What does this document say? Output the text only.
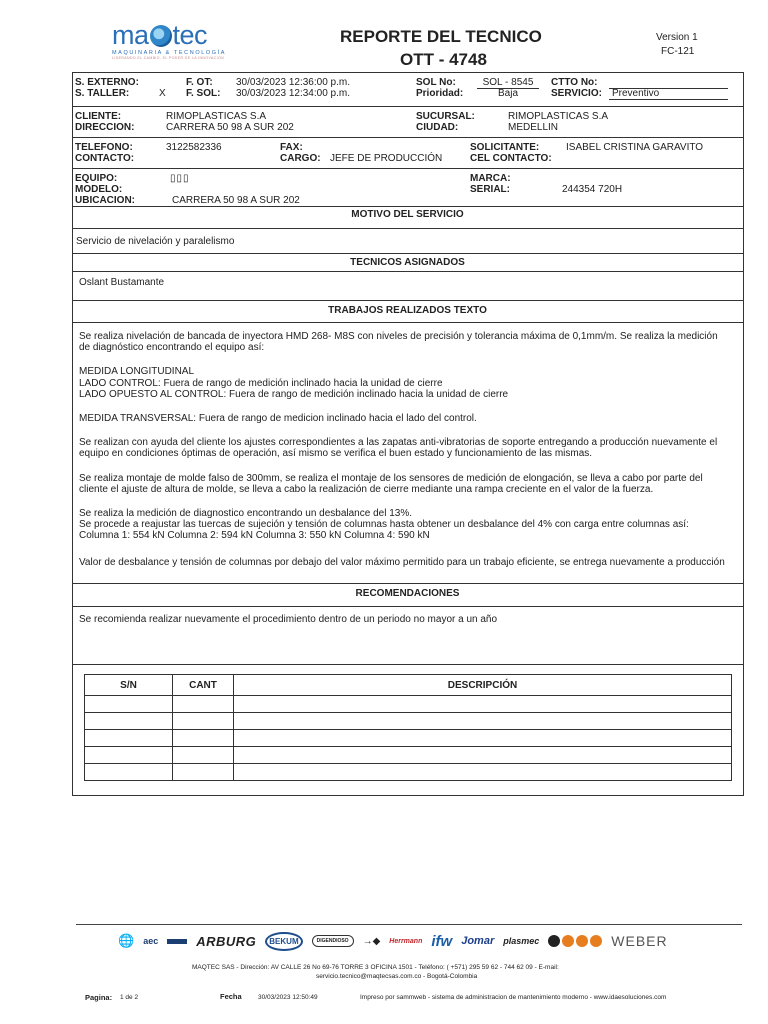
ma tec
MAQUINARIA & TECNOLOGÍA
LIDERANDO EL CAMBIO, EL PODER DE LA INNOVACIÓN
REPORTE DEL TECNICO
OTT - 4748
Version 1
FC-121
S. EXTERNO:
S. TALLER:	X
F. OT: 30/03/2023 12:36:00 p.m.
F. SOL: 30/03/2023 12:34:00 p.m.
SOL No:	SOL - 8545
Prioridad:	Baja
CTTO No:
SERVICIO: Preventivo
CLIENTE:	RIMOPLASTICAS S.A
DIRECCION:	CARRERA 50 98 A SUR 202
SUCURSAL:	RIMOPLASTICAS S.A
CIUDAD:	MEDELLIN
TELEFONO:	3122582336
CONTACTO:
FAX:
CARGO: JEFE DE PRODUCCIÓN
SOLICITANTE:	ISABEL CRISTINA GARAVITO
CEL CONTACTO:
EQUIPO:	▯▯▯
MODELO:
UBICACION:	CARRERA 50 98 A SUR 202
MARCA:
SERIAL:	244354 720H
MOTIVO DEL SERVICIO
Servicio de nivelación y paralelismo
TECNICOS ASIGNADOS
Oslant Bustamante
TRABAJOS REALIZADOS TEXTO
Se realiza nivelación de bancada de inyectora HMD 268- M8S con niveles de precisión y tolerancia máxima de 0,1mm/m. Se realiza la medición de diagnóstico encontrando el equipo así:
MEDIDA LONGITUDINAL
LADO CONTROL: Fuera de rango de medición inclinado hacia la unidad de cierre
LADO OPUESTO AL CONTROL: Fuera de rango de medición inclinado hacia la unidad de cierre
MEDIDA TRANSVERSAL: Fuera de rango de medicion inclinado hacia el lado del control.
Se realizan con ayuda del cliente los ajustes correspondientes a las zapatas anti-vibratorias de soporte entregando a producción nuevamente el equipo en condiciones óptimas de operación, así mismo se verifica el buen estado y funcionamiento de las mismas.
Se realiza montaje de molde falso de 300mm, se realiza el montaje de los sensores de medición de elongación, se lleva a cabo por parte del cliente el ajuste de altura de molde, se lleva a cabo la realización de cierre mediante una rampa creciente en el valor de la fuerza.
Se realiza la medición de diagnostico encontrando un desbalance del 13%.
Se procede a reajustar las tuercas de sujeción y tensión de columnas hasta obtener un desbalance del 4% con carga entre columnas así:
Columna 1: 554 kN Columna 2: 594 kN Columna 3: 550 kN Columna 4: 590 kN
Valor de desbalance y tensión de columnas por debajo del valor máximo permitido para un trabajo eficiente, se entrega nuevamente a producción
RECOMENDACIONES
Se recomienda realizar nuevamente el procedimiento dentro de un periodo no mayor a un año
S/N	CANT	DESCRIPCIÓN

🌐 aec	ARBURG	BEKUM	DIGENDIOSO	→◆ Herrmann ifw Jomar plasmec	WEBER
MAQTEC SAS - Dirección: AV CALLE 26 No 69-76 TORRE 3 OFICINA 1501 - Teléfono: ( +571) 295 59 62 - 744 62 09 - E-mail:
servicio.tecnico@maqtecsas.com.co - Bogotá-Colombia
Pagina: 1 de 2	Fecha	30/03/2023 12:50:49	Impreso por sammweb - sistema de administracion de mantenimiento moderno - www.idaesoluciones.com
